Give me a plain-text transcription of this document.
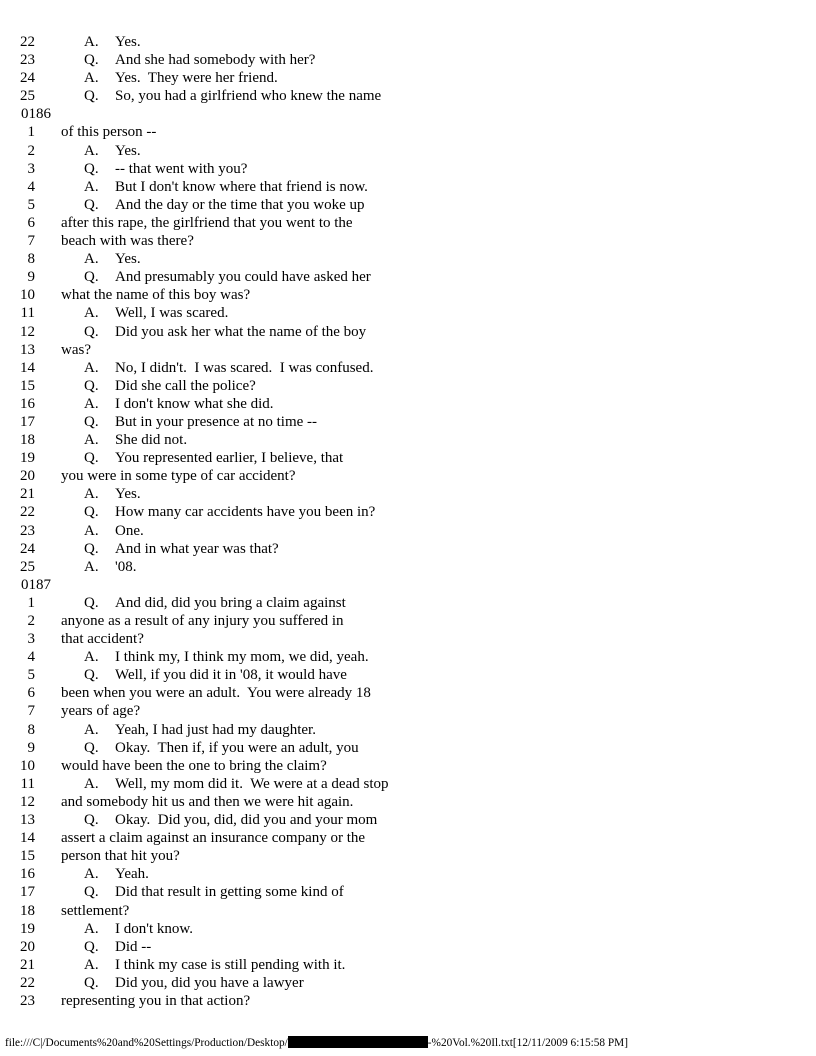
22	A.	Yes.
23	Q.	And she had somebody with her?
24	A.	Yes.  They were her friend.
25	Q.	So, you had a girlfriend who knew the name
0186
1 of this person --
2	A.	Yes.
3	Q.	-- that went with you?
4	A.	But I don't know where that friend is now.
5	Q.	And the day or the time that you woke up
6 after this rape, the girlfriend that you went to the
7 beach with was there?
8	A.	Yes.
9	Q.	And presumably you could have asked her
10 what the name of this boy was?
11	A.	Well, I was scared.
12	Q.	Did you ask her what the name of the boy
13 was?
14	A.	No, I didn't.  I was scared.  I was confused.
15	Q.	Did she call the police?
16	A.	I don't know what she did.
17	Q.	But in your presence at no time --
18	A.	She did not.
19	Q.	You represented earlier, I believe, that
20 you were in some type of car accident?
21	A.	Yes.
22	Q.	How many car accidents have you been in?
23	A.	One.
24	Q.	And in what year was that?
25	A.	'08.
0187
1	Q.	And did, did you bring a claim against
2 anyone as a result of any injury you suffered in
3 that accident?
4	A.	I think my, I think my mom, we did, yeah.
5	Q.	Well, if you did it in '08, it would have
6 been when you were an adult.  You were already 18
7 years of age?
8	A.	Yeah, I had just had my daughter.
9	Q.	Okay.  Then if, if you were an adult, you
10 would have been the one to bring the claim?
11	A.	Well, my mom did it.  We were at a dead stop
12 and somebody hit us and then we were hit again.
13	Q.	Okay.  Did you, did, did you and your mom
14 assert a claim against an insurance company or the
15 person that hit you?
16	A.	Yeah.
17	Q.	Did that result in getting some kind of
18 settlement?
19	A.	I don't know.
20	Q.	Did --
21	A.	I think my case is still pending with it.
22	Q.	Did you, did you have a lawyer
23 representing you in that action?
file:///C|/Documents%20and%20Settings/Production/Desktop/	-%20Vol.%20Il.txt[12/11/2009 6:15:58 PM]
